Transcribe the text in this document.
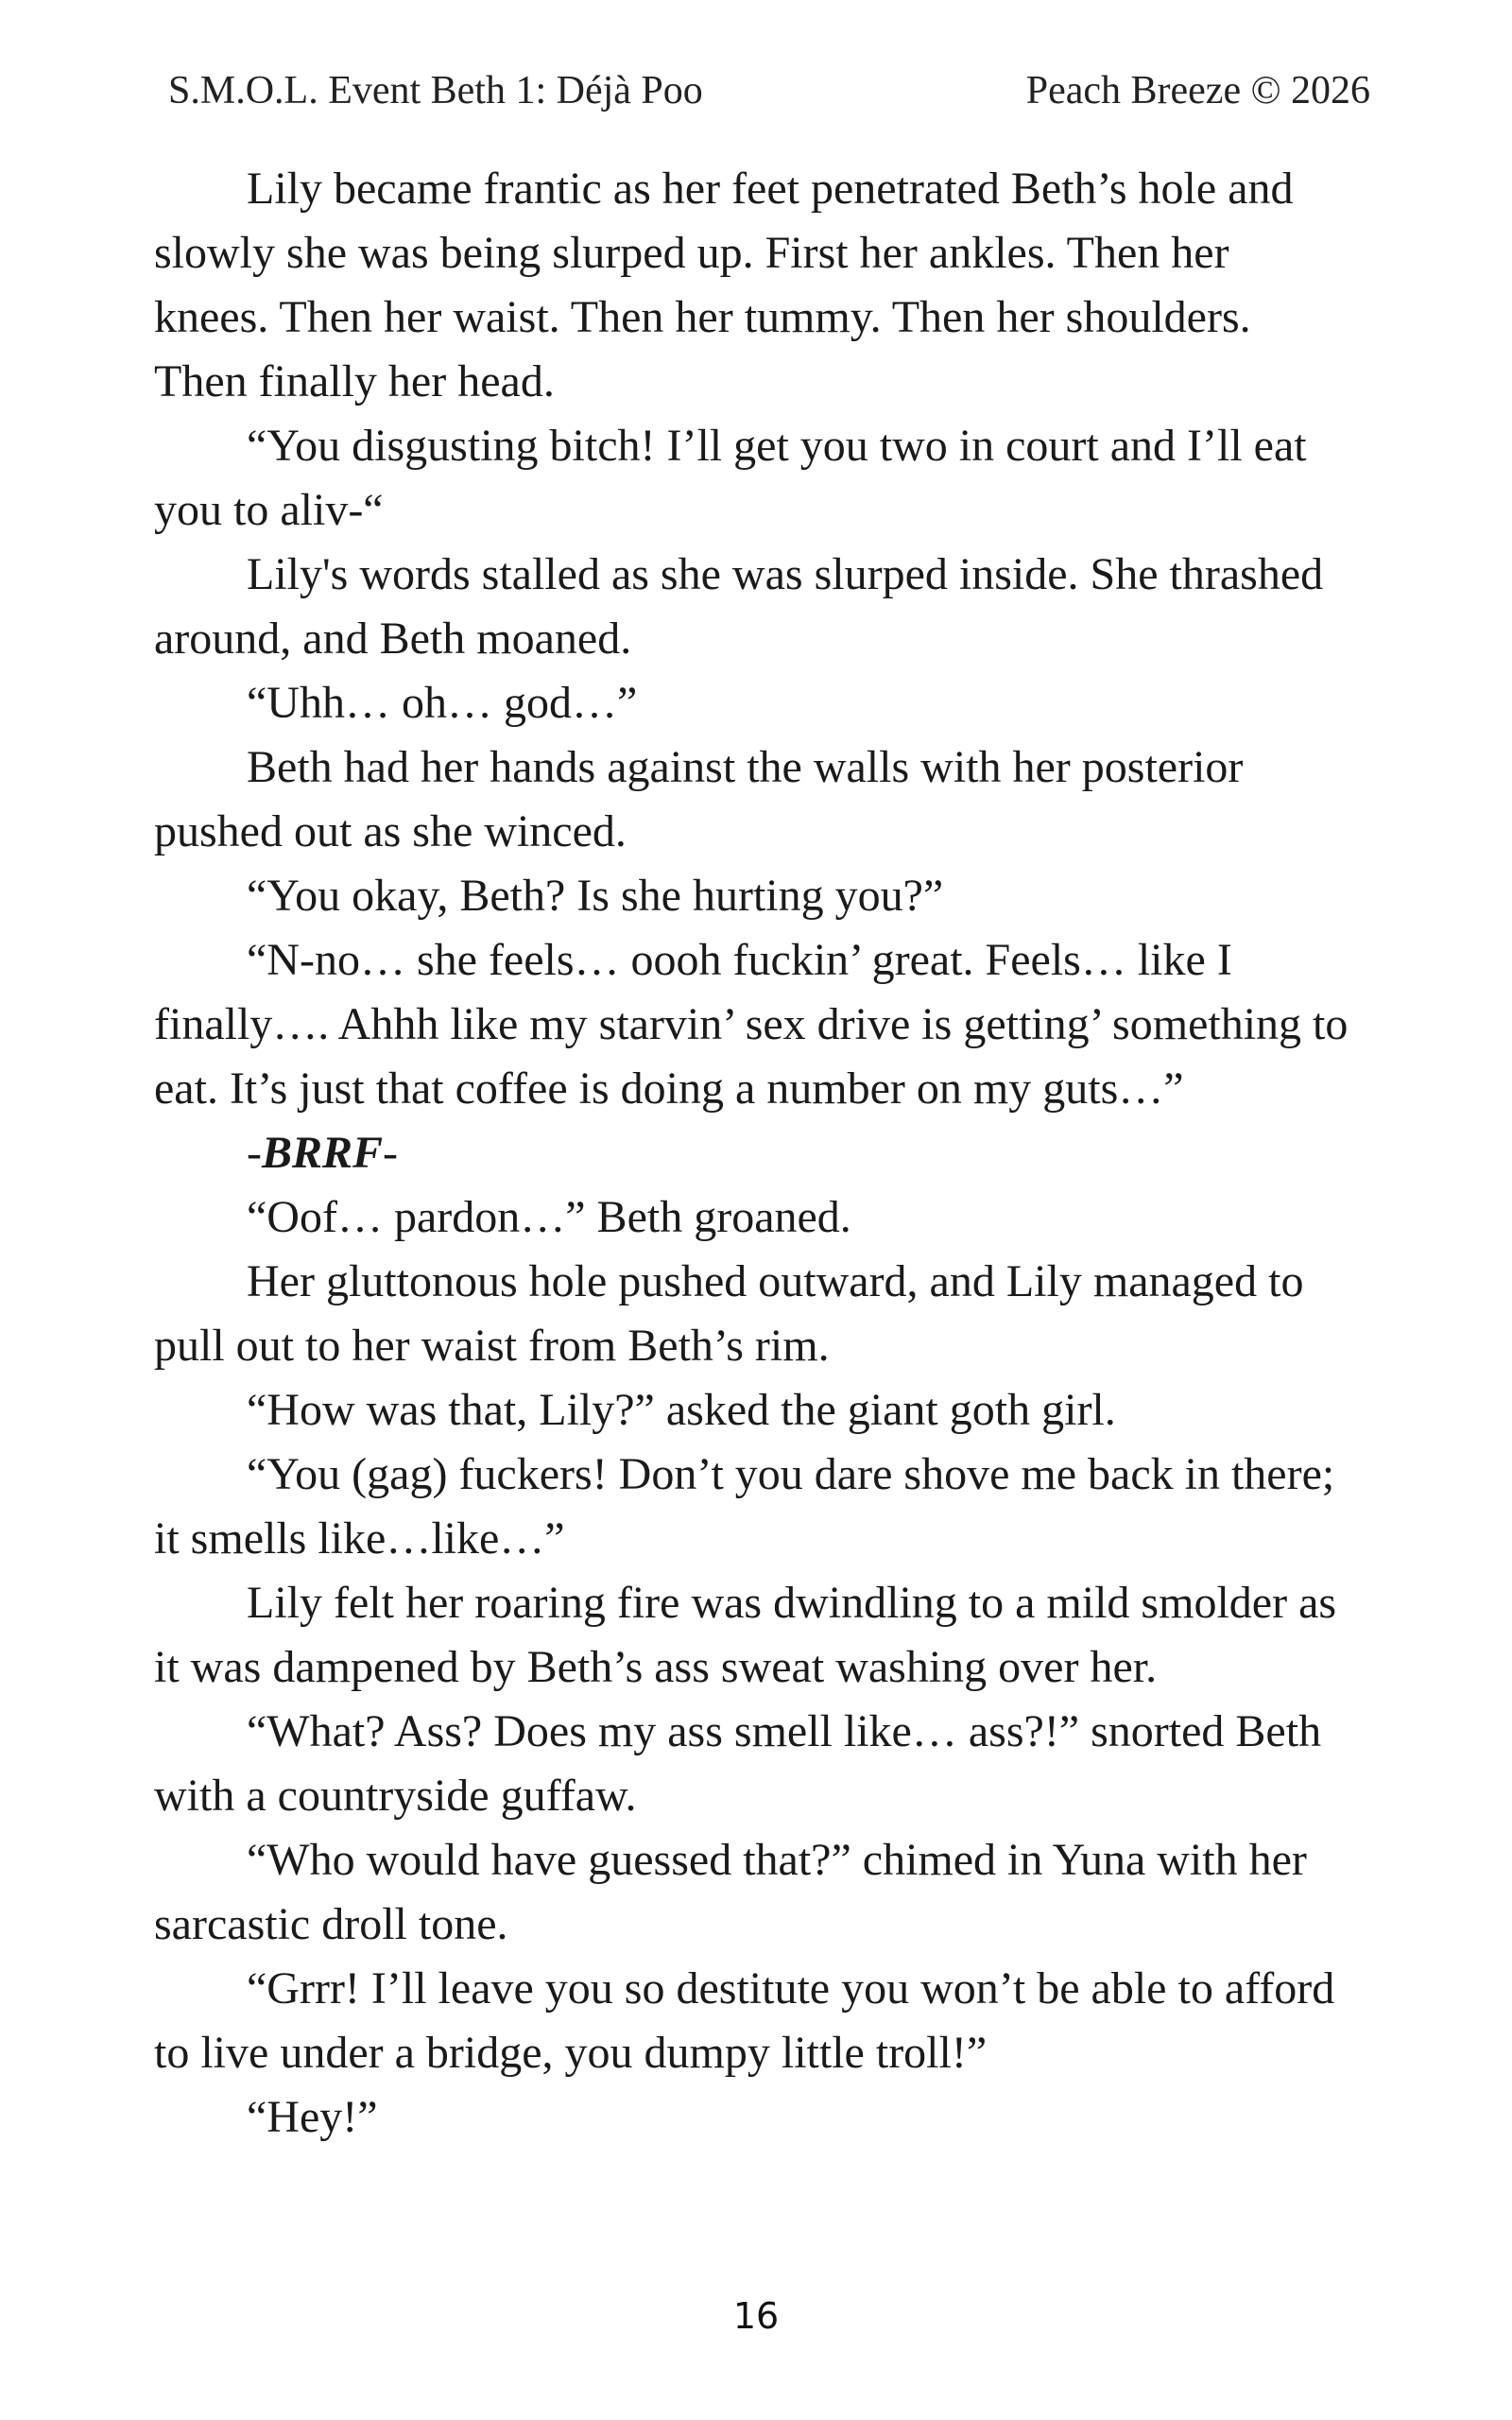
S.M.O.L. Event Beth 1: Déjà Poo	Peach Breeze © 2026

Lily became frantic as her feet penetrated Beth’s hole and slowly she was being slurped up. First her ankles. Then her knees. Then her waist. Then her tummy. Then her shoulders. Then finally her head.

“You disgusting bitch! I’ll get you two in court and I’ll eat you to aliv-“

Lily's words stalled as she was slurped inside. She thrashed around, and Beth moaned.

“Uhh… oh… god…”

Beth had her hands against the walls with her posterior pushed out as she winced.

“You okay, Beth? Is she hurting you?”

“N-no… she feels… oooh fuckin’ great. Feels… like I finally…. Ahhh like my starvin’ sex drive is getting’ something to eat. It’s just that coffee is doing a number on my guts…”

-BRRF-

“Oof… pardon…” Beth groaned.

Her gluttonous hole pushed outward, and Lily managed to pull out to her waist from Beth’s rim.

“How was that, Lily?” asked the giant goth girl.

“You (gag) fuckers! Don’t you dare shove me back in there; it smells like…like…”

Lily felt her roaring fire was dwindling to a mild smolder as it was dampened by Beth’s ass sweat washing over her.

“What? Ass? Does my ass smell like… ass?!” snorted Beth with a countryside guffaw.

“Who would have guessed that?” chimed in Yuna with her sarcastic droll tone.

“Grrr! I’ll leave you so destitute you won’t be able to afford to live under a bridge, you dumpy little troll!”

“Hey!”

16
